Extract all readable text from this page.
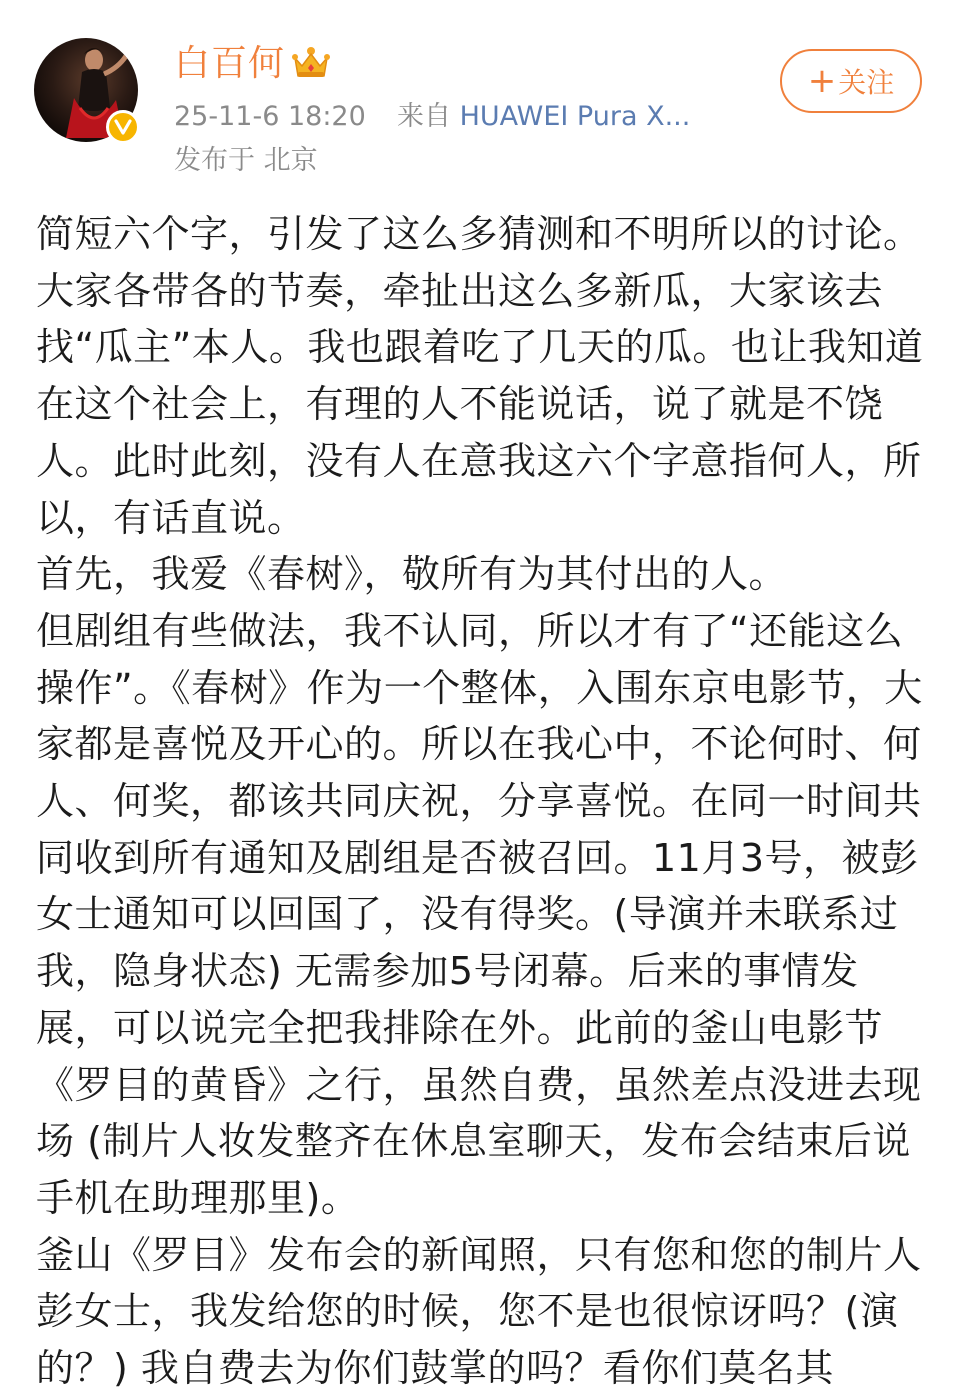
白百何
25-11-6 18:20 来自 HUAWEI Pura X...
发布于 北京
+ 关注

简短六个字，引发了这么多猜测和不明所以的讨论。大家各带各的节奏，牵扯出这么多新瓜，大家该去找“瓜主”本人。我也跟着吃了几天的瓜。也让我知道在这个社会上，有理的人不能说话，说了就是不饶人。此时此刻，没有人在意我这六个字意指何人，所以，有话直说。

首先，我爱《春树》，敬所有为其付出的人。

但剧组有些做法，我不认同，所以才有了“还能这么操作”。《春树》作为一个整体，入围东京电影节，大家都是喜悦及开心的。所以在我心中，不论何时、何人、何奖，都该共同庆祝，分享喜悦。在同一时间共同收到所有通知及剧组是否被召回。11月3号，被彭女士通知可以回国了，没有得奖。(导演并未联系过我，隐身状态) 无需参加5号闭幕。后来的事情发展，可以说完全把我排除在外。此前的釜山电影节《罗目的黄昏》之行，虽然自费，虽然差点没进去现场 (制片人妆发整齐在休息室聊天，发布会结束后说手机在助理那里)。

釜山《罗目》发布会的新闻照，只有您和您的制片人彭女士，我发给您的时候，您不是也很惊讶吗？(演的？) 我自费去为你们鼓掌的吗？看你们莫名其
